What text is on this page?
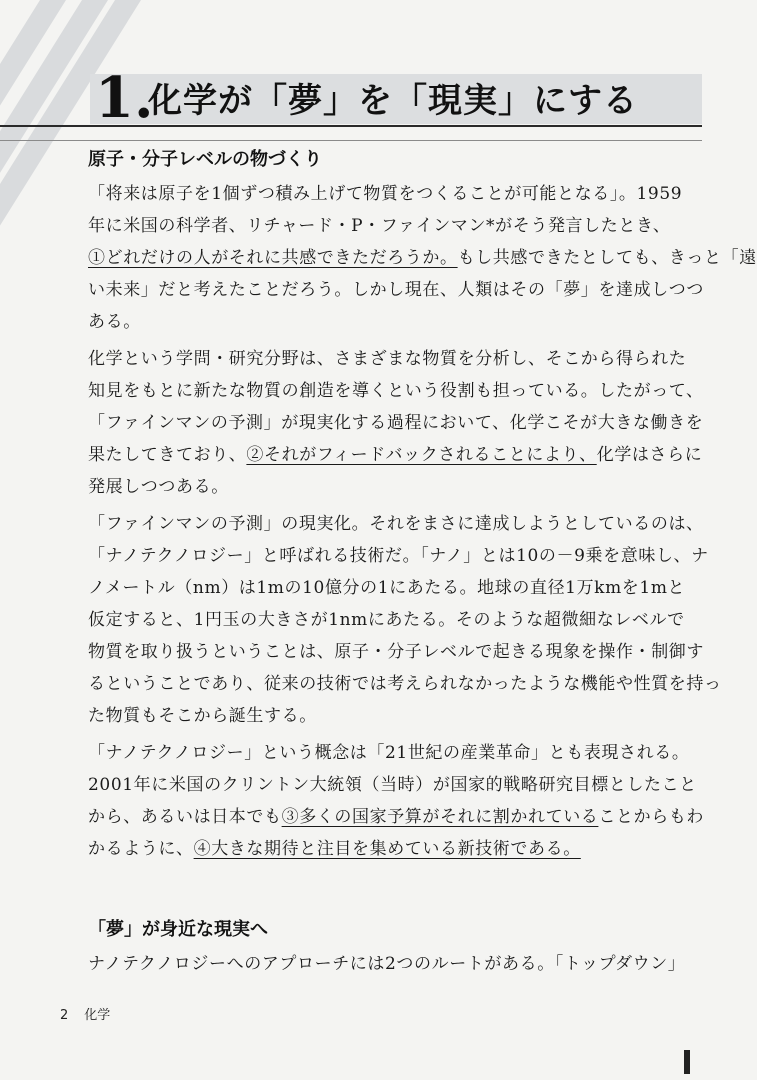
1.
化学が「夢」を「現実」にする
原子・分子レベルの物づくり

「将来は原子を1個ずつ積み上げて物質をつくることが可能となる」。1959

年に米国の科学者、リチャード・P・ファインマン*がそう発言したとき、

①どれだけの人がそれに共感できただろうか。もし共感できたとしても、きっと「遠

い未来」だと考えたことだろう。しかし現在、人類はその「夢」を達成しつつ

ある。

化学という学問・研究分野は、さまざまな物質を分析し、そこから得られた

知見をもとに新たな物質の創造を導くという役割も担っている。したがって、

「ファインマンの予測」が現実化する過程において、化学こそが大きな働きを

果たしてきており、②それがフィードバックされることにより、化学はさらに

発展しつつある。

「ファインマンの予測」の現実化。それをまさに達成しようとしているのは、

「ナノテクノロジー」と呼ばれる技術だ。「ナノ」とは10の－9乗を意味し、ナ

ノメートル（nm）は1mの10億分の1にあたる。地球の直径1万kmを1mと

仮定すると、1円玉の大きさが1nmにあたる。そのような超微細なレベルで

物質を取り扱うということは、原子・分子レベルで起きる現象を操作・制御す

るということであり、従来の技術では考えられなかったような機能や性質を持っ

た物質もそこから誕生する。

「ナノテクノロジー」という概念は「21世紀の産業革命」とも表現される。

2001年に米国のクリントン大統領（当時）が国家的戦略研究目標としたこと

から、あるいは日本でも③多くの国家予算がそれに割かれていることからもわ

かるように、④大きな期待と注目を集めている新技術である。

「夢」が身近な現実へ

ナノテクノロジーへのアプローチには2つのルートがある。「トップダウン」

2 化学
